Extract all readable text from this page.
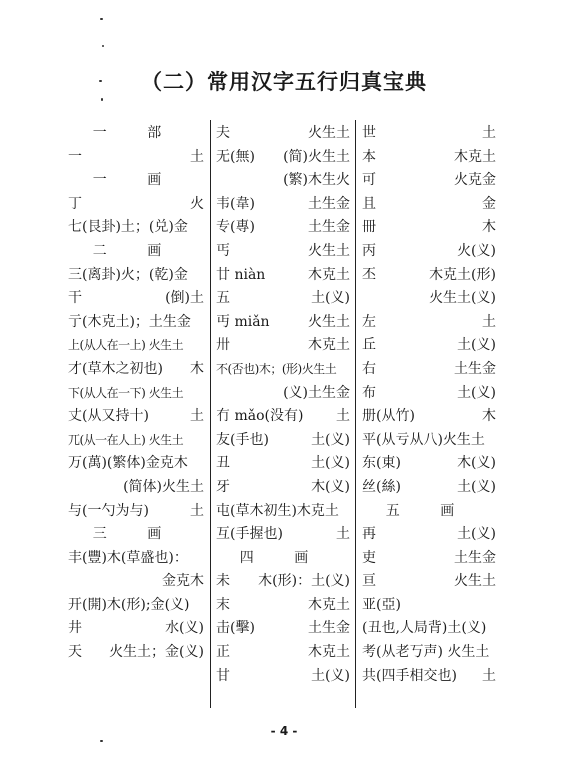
（二）常用汉字五行归真宝典
一 部
一	土
一 画
丁	火
七(艮卦)土；(兑)金
二 画
三(离卦)火；(乾)金
干	(倒)土
亍(木克土)；土生金
上(从人在一上) 火生土
才(草木之初也) 木
下(从人在一下) 火生土
丈(从又持十)	土
兀(从一在人上) 火生土
万(萬)(繁体)金克木
(简体)火生土
与(一勺为与)	土
三 画
丰(豐)木(草盛也)：
金克木
开(開)木(形);金(义)
井	水(义)
天 火生土；金(义)
夫	火生土
无(無) (简)火生土
(繁)木生火
韦(韋)	土生金
专(專)	土生金
丐	火生土
廿 niàn	木克土
五	土(义)
丏 miǎn	火生土
卅	木克土
不(否也)木；(形)火生土
(义)土生金
冇 mǎo(没有) 土
友(手也)	土(义)
丑	土(义)
牙	木(义)
屯(草木初生)木克土
互(手握也)	土
四 画
未 木(形)：土(义)
末	木克土
击(擊)	土生金
正	木克土
甘	土(义)
世	土
本	木克土
可	火克金
且	金
冊	木
丙	火(义)
丕	木克土(形)
火生土(义)
左	土
丘	土(义)
右	土生金
布	土(义)
册(从竹)	木
平(从亏从八)火生土
东(東)	木(义)
丝(絲)	土(义)
五 画
再	土(义)
吏	土生金
亘	火生土
亚(亞)
(丑也,人局背)土(义)
考(从老丂声) 火生土
共(四手相交也) 土
- 4 -
